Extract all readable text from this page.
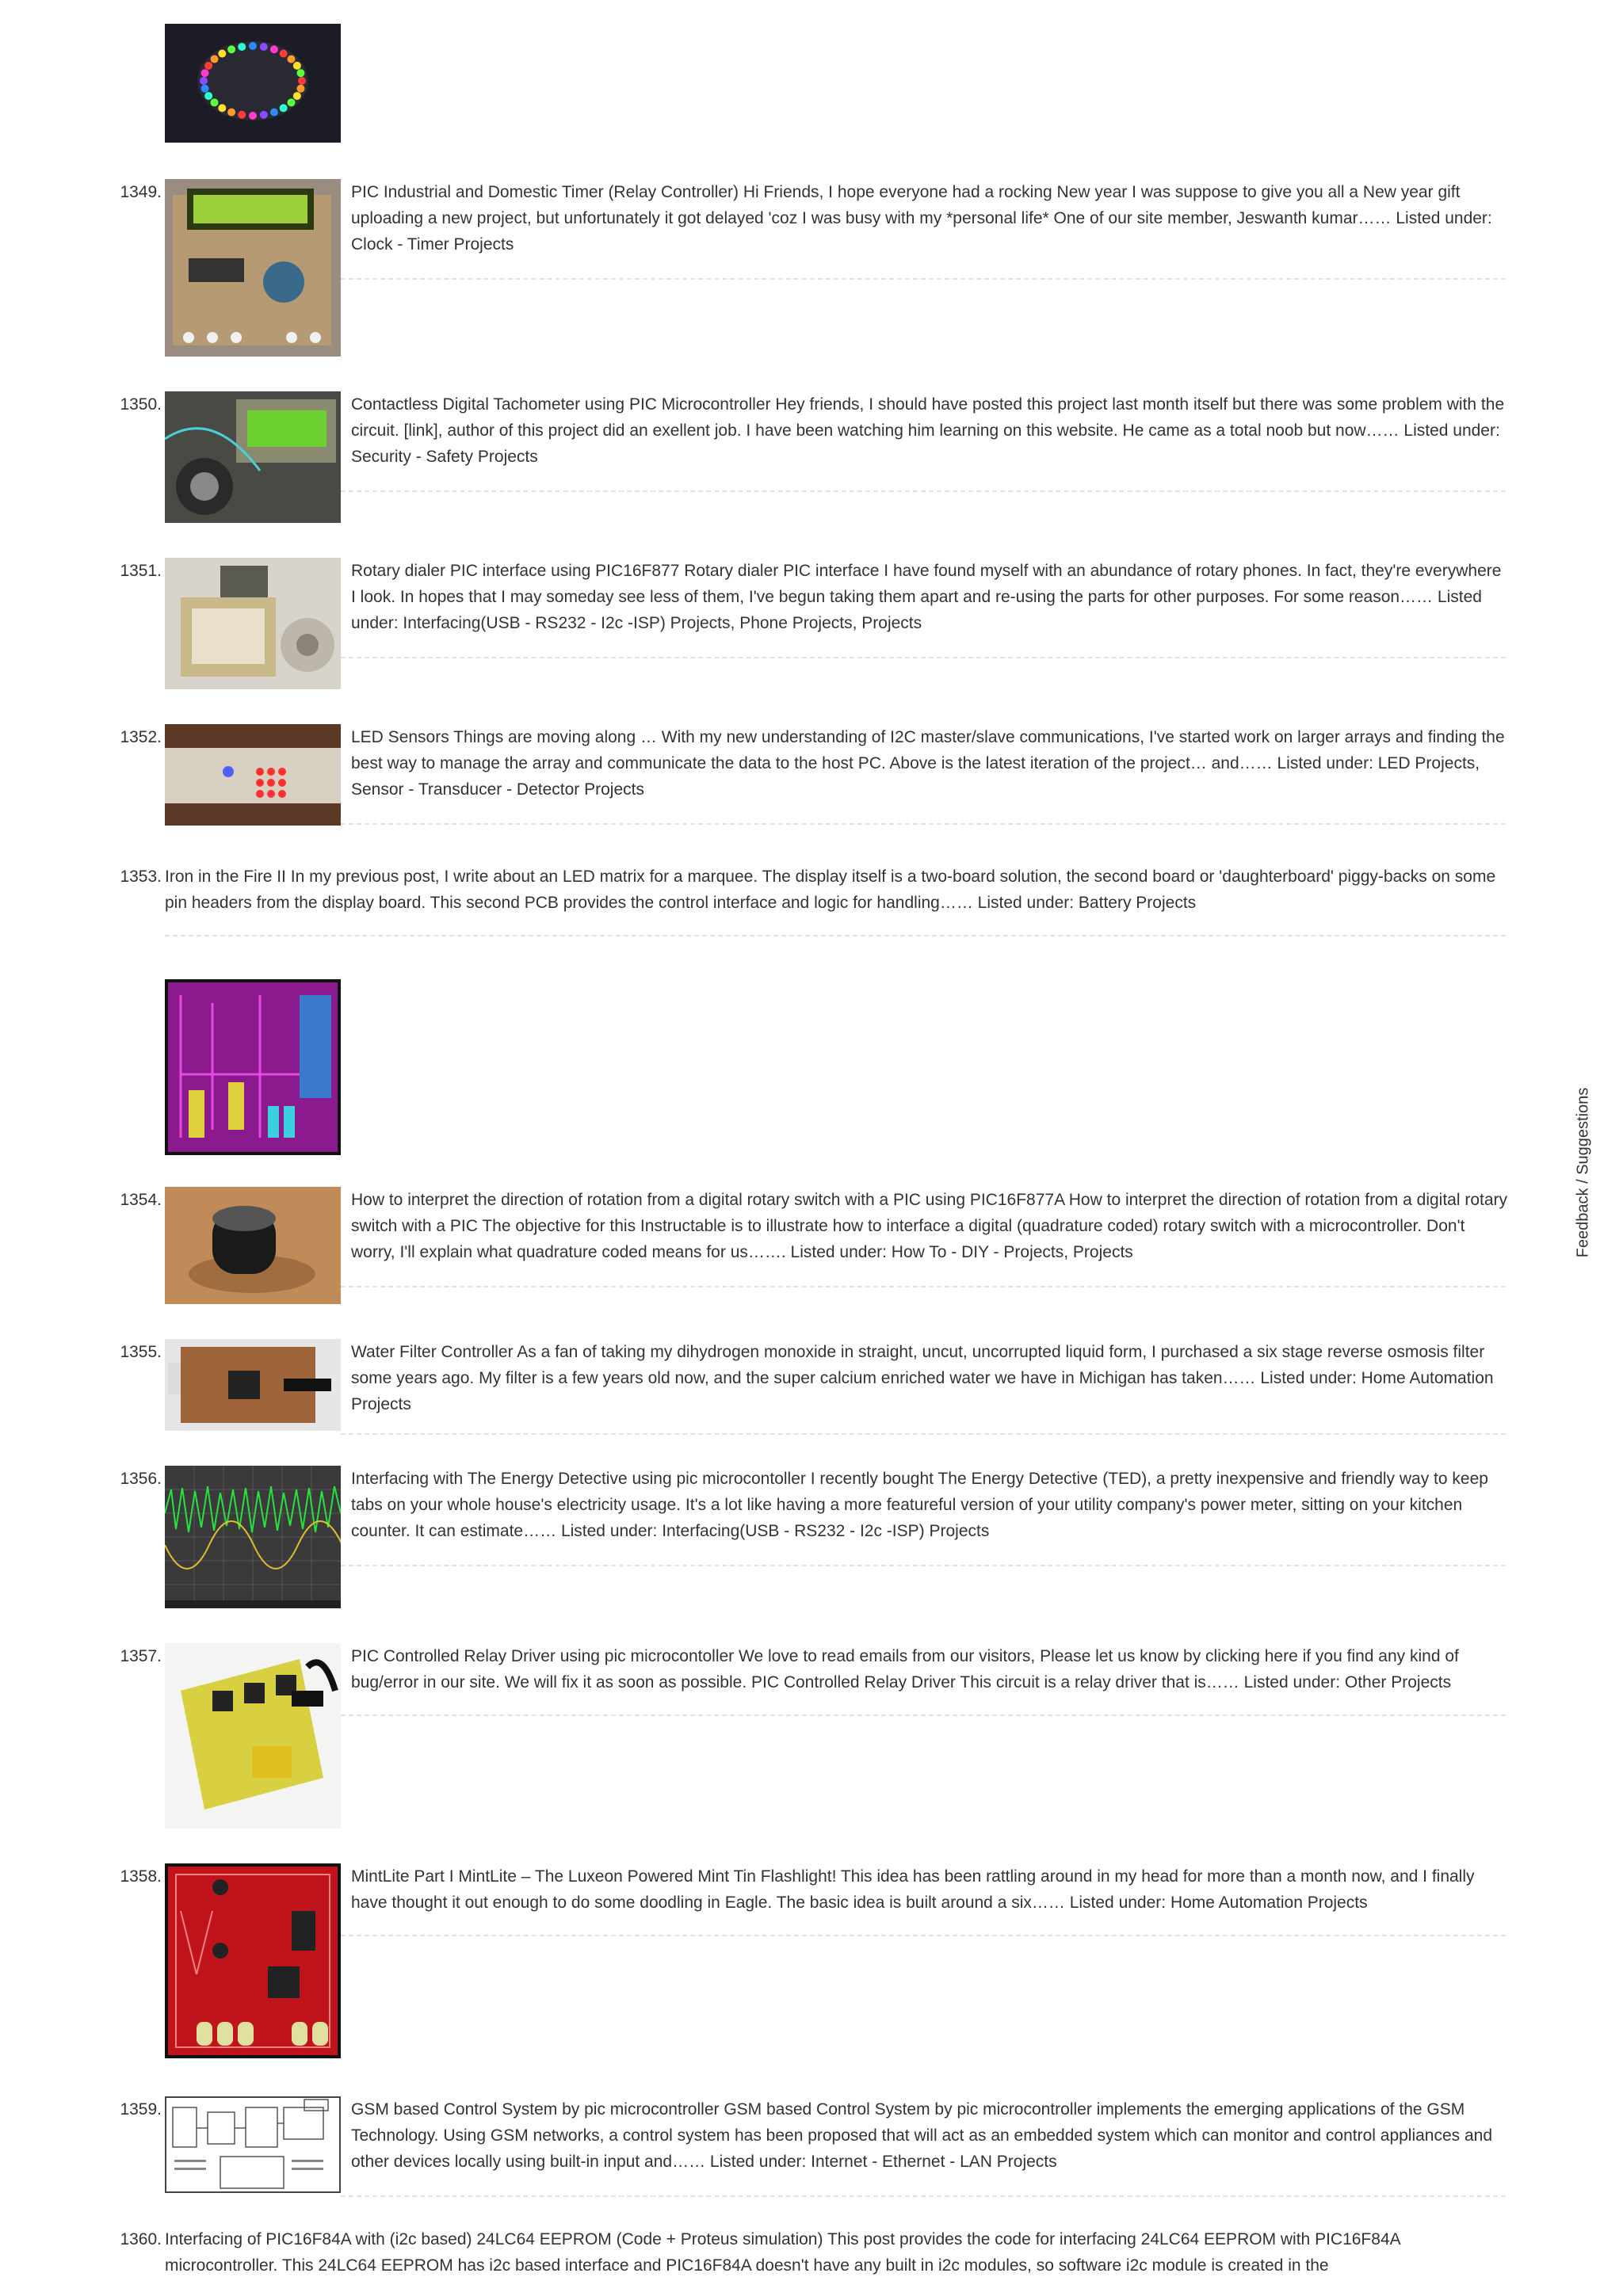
1349.	PIC Industrial and Domestic Timer (Relay Controller) Hi Friends, I hope everyone had a rocking New year I was suppose to give you all a New year gift uploading a new project, but unfortunately it got delayed 'coz I was busy with my *personal life* One of our site member, Jeswanth kumar…… Listed under: Clock - Timer Projects
1350.	Contactless Digital Tachometer using PIC Microcontroller Hey friends, I should have posted this project last month itself but there was some problem with the circuit. [link], author of this project did an exellent job. I have been watching him learning on this website. He came as a total noob but now…… Listed under: Security - Safety Projects
1351.	Rotary dialer PIC interface using PIC16F877 Rotary dialer PIC interface I have found myself with an abundance of rotary phones. In fact, they're everywhere I look. In hopes that I may someday see less of them, I've begun taking them apart and re-using the parts for other purposes. For some reason…… Listed under: Interfacing(USB - RS232 - I2c -ISP) Projects, Phone Projects, Projects
1352.	LED Sensors Things are moving along … With my new understanding of I2C master/slave communications, I've started work on larger arrays and finding the best way to manage the array and communicate the data to the host PC. Above is the latest iteration of the project… and…… Listed under: LED Projects, Sensor - Transducer - Detector Projects
1353. Iron in the Fire II In my previous post, I write about an LED matrix for a marquee. The display itself is a two-board solution, the second board or 'daughterboard' piggy-backs on some pin headers from the display board. This second PCB provides the control interface and logic for handling…… Listed under: Battery Projects
1354.	How to interpret the direction of rotation from a digital rotary switch with a PIC using PIC16F877A How to interpret the direction of rotation from a digital rotary switch with a PIC The objective for this Instructable is to illustrate how to interface a digital (quadrature coded) rotary switch with a microcontroller. Don't worry, I'll explain what quadrature coded means for us……. Listed under: How To - DIY - Projects, Projects
1355.	Water Filter Controller As a fan of taking my dihydrogen monoxide in straight, uncut, uncorrupted liquid form, I purchased a six stage reverse osmosis filter some years ago. My filter is a few years old now, and the super calcium enriched water we have in Michigan has taken…… Listed under: Home Automation Projects
1356.	Interfacing with The Energy Detective using pic microcontoller I recently bought The Energy Detective (TED), a pretty inexpensive and friendly way to keep tabs on your whole house's electricity usage. It's a lot like having a more featureful version of your utility company's power meter, sitting on your kitchen counter. It can estimate…… Listed under: Interfacing(USB - RS232 - I2c -ISP) Projects
1357.	PIC Controlled Relay Driver using pic microcontoller We love to read emails from our visitors, Please let us know by clicking here if you find any kind of bug/error in our site. We will fix it as soon as possible. PIC Controlled Relay Driver This circuit is a relay driver that is…… Listed under: Other Projects
1358.	MintLite Part I MintLite – The Luxeon Powered Mint Tin Flashlight! This idea has been rattling around in my head for more than a month now, and I finally have thought it out enough to do some doodling in Eagle. The basic idea is built around a six…… Listed under: Home Automation Projects
1359.	GSM based Control System by pic microcontroller GSM based Control System by pic microcontroller implements the emerging applications of the GSM Technology. Using GSM networks, a control system has been proposed that will act as an embedded system which can monitor and control appliances and other devices locally using built-in input and…… Listed under: Internet - Ethernet - LAN Projects
1360. Interfacing of PIC16F84A with (i2c based) 24LC64 EEPROM (Code + Proteus simulation) This post provides the code for interfacing 24LC64 EEPROM with PIC16F84A microcontroller. This 24LC64 EEPROM has i2c based interface and PIC16F84A doesn't have any built in i2c modules, so software i2c module is created in the
Feedback / Suggestions
